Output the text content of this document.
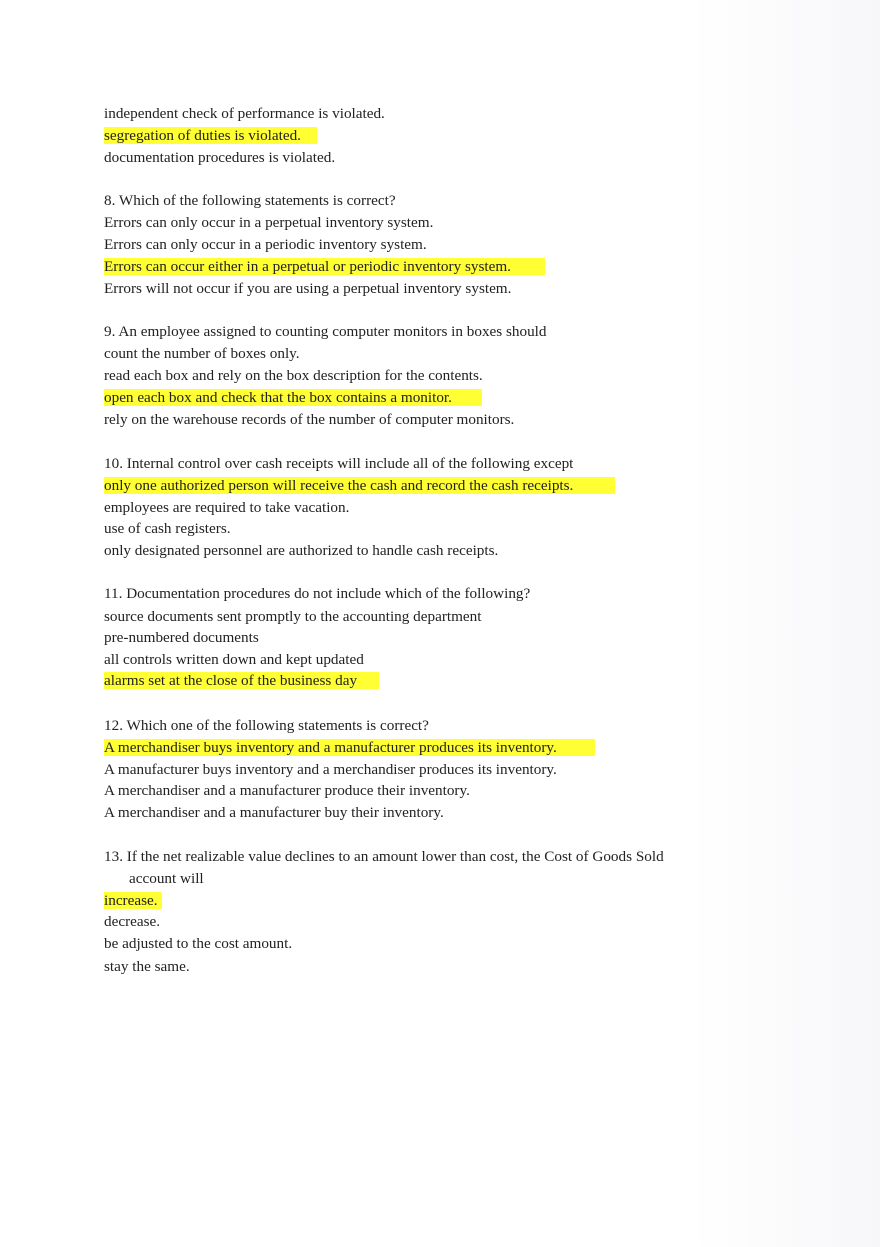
independent check of performance is violated.
segregation of duties is violated.
documentation procedures is violated.
8. Which of the following statements is correct?
Errors can only occur in a perpetual inventory system.
Errors can only occur in a periodic inventory system.
Errors can occur either in a perpetual or periodic inventory system.
Errors will not occur if you are using a perpetual inventory system.
9. An employee assigned to counting computer monitors in boxes should
count the number of boxes only.
read each box and rely on the box description for the contents.
open each box and check that the box contains a monitor.
rely on the warehouse records of the number of computer monitors.
10. Internal control over cash receipts will include all of the following except
only one authorized person will receive the cash and record the cash receipts.
employees are required to take vacation.
use of cash registers.
only designated personnel are authorized to handle cash receipts.
11. Documentation procedures do not include which of the following?
source documents sent promptly to the accounting department
pre-numbered documents
all controls written down and kept updated
alarms set at the close of the business day
12. Which one of the following statements is correct?
A merchandiser buys inventory and a manufacturer produces its inventory.
A manufacturer buys inventory and a merchandiser produces its inventory.
A merchandiser and a manufacturer produce their inventory.
A merchandiser and a manufacturer buy their inventory.
13. If the net realizable value declines to an amount lower than cost, the Cost of Goods Sold
account will
increase.
decrease.
be adjusted to the cost amount.
stay the same.
